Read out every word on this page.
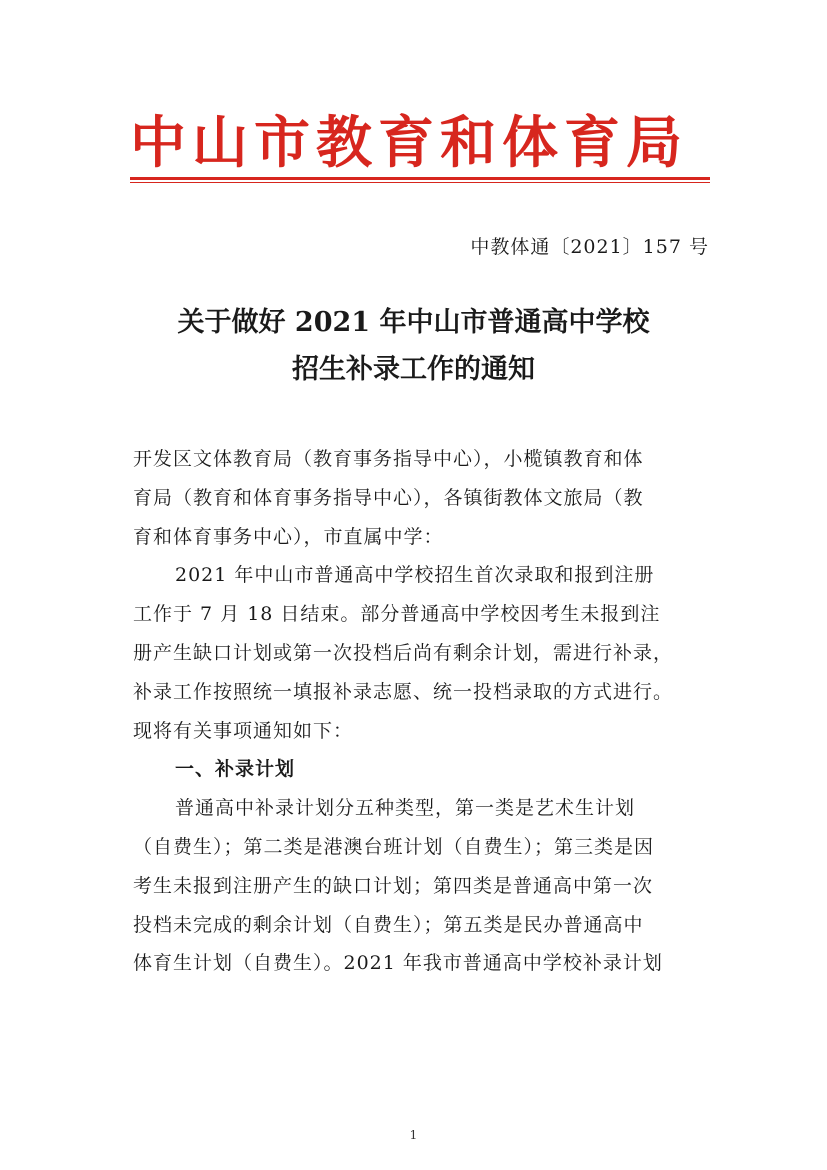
中山市教育和体育局
中教体通〔2021〕157 号
关于做好 2021 年中山市普通高中学校
招生补录工作的通知
开发区文体教育局（教育事务指导中心），小榄镇教育和体
育局（教育和体育事务指导中心），各镇街教体文旅局（教
育和体育事务中心），市直属中学：
2021 年中山市普通高中学校招生首次录取和报到注册
工作于 7 月 18 日结束。部分普通高中学校因考生未报到注
册产生缺口计划或第一次投档后尚有剩余计划，需进行补录，
补录工作按照统一填报补录志愿、统一投档录取的方式进行。
现将有关事项通知如下：
一、补录计划
普通高中补录计划分五种类型，第一类是艺术生计划
（自费生）；第二类是港澳台班计划（自费生）；第三类是因
考生未报到注册产生的缺口计划；第四类是普通高中第一次
投档未完成的剩余计划（自费生）；第五类是民办普通高中
体育生计划（自费生）。2021 年我市普通高中学校补录计划
1
